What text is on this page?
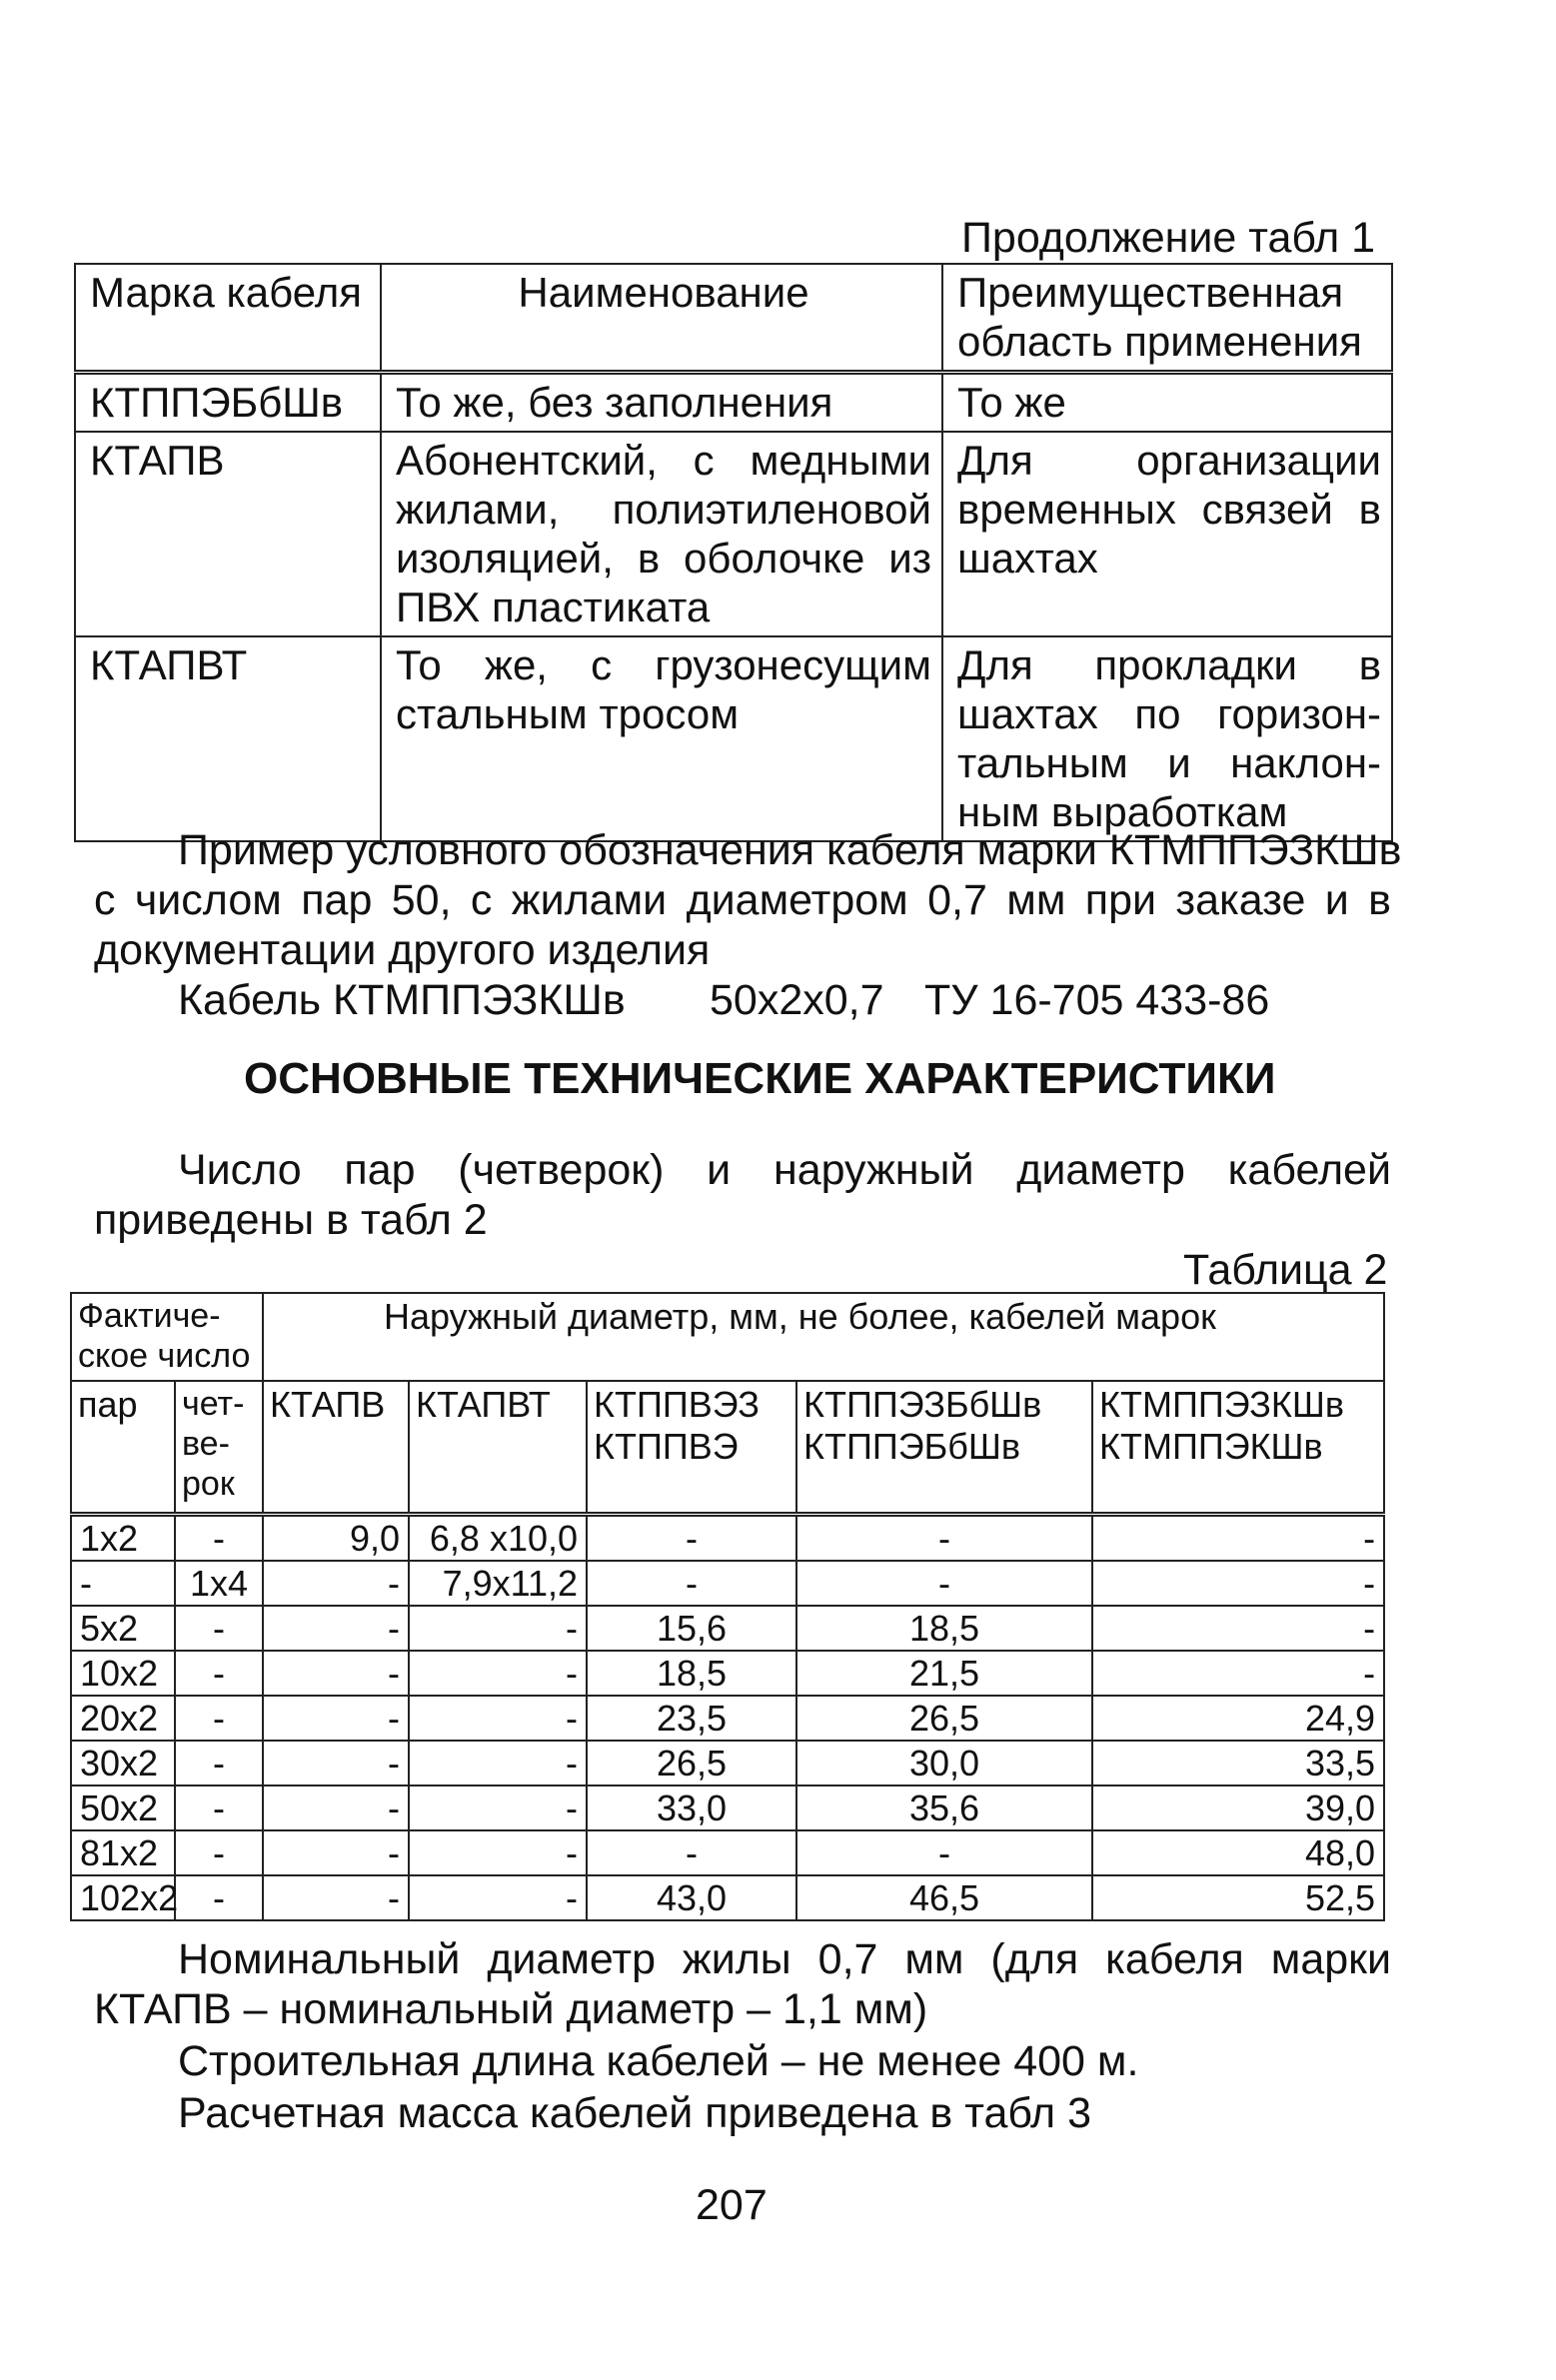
Продолжение табл 1
Марка кабеля	Наименование	Преимущественная область применения
КТППЭБбШв	То же, без заполнения	То же
КТАПВ	Абонентский, с медными жилами, полиэтиленовой изоляцией, в оболочке из ПВХ пластиката	Для организации временных связей в шахтах
КТАПВТ	То же, с грузонесущим стальным тросом	Для прокладки в шахтах по горизон-тальным и наклон-ным выработкам
Пример условного обозначения кабеля марки КТМППЭЗКШв
с числом пар 50, с жилами диаметром 0,7 мм при заказе и в
документации другого изделия
Кабель КТМППЭЗКШв 50х2х0,7 ТУ 16-705 433-86
ОСНОВНЫЕ ТЕХНИЧЕСКИЕ ХАРАКТЕРИСТИКИ
Число пар (четверок) и наружный диаметр кабелей
приведены в табл 2
Таблица 2
Фактиче-ское число		Наружный диаметр, мм, не более, кабелей марок				
пар	чет-ве-рок	КТАПВ	КТАПВТ	КТППВЭЗ КТППВЭ	КТППЭЗБбШв КТППЭБбШв	КТМППЭЗКШв КТМППЭКШв
1х2	-	9,0	6,8 х10,0	-	-	-
-	1х4	-	7,9х11,2	-	-	-
5х2	-	-	-	15,6	18,5	-
10х2	-	-	-	18,5	21,5	-
20х2	-	-	-	23,5	26,5	24,9
30х2	-	-	-	26,5	30,0	33,5
50х2	-	-	-	33,0	35,6	39,0
81х2	-	-	-	-	-	48,0
102х2	-	-	-	43,0	46,5	52,5
Номинальный диаметр жилы 0,7 мм (для кабеля марки
КТАПВ – номинальный диаметр – 1,1 мм)
Строительная длина кабелей – не менее 400 м.
Расчетная масса кабелей приведена в табл 3
207
